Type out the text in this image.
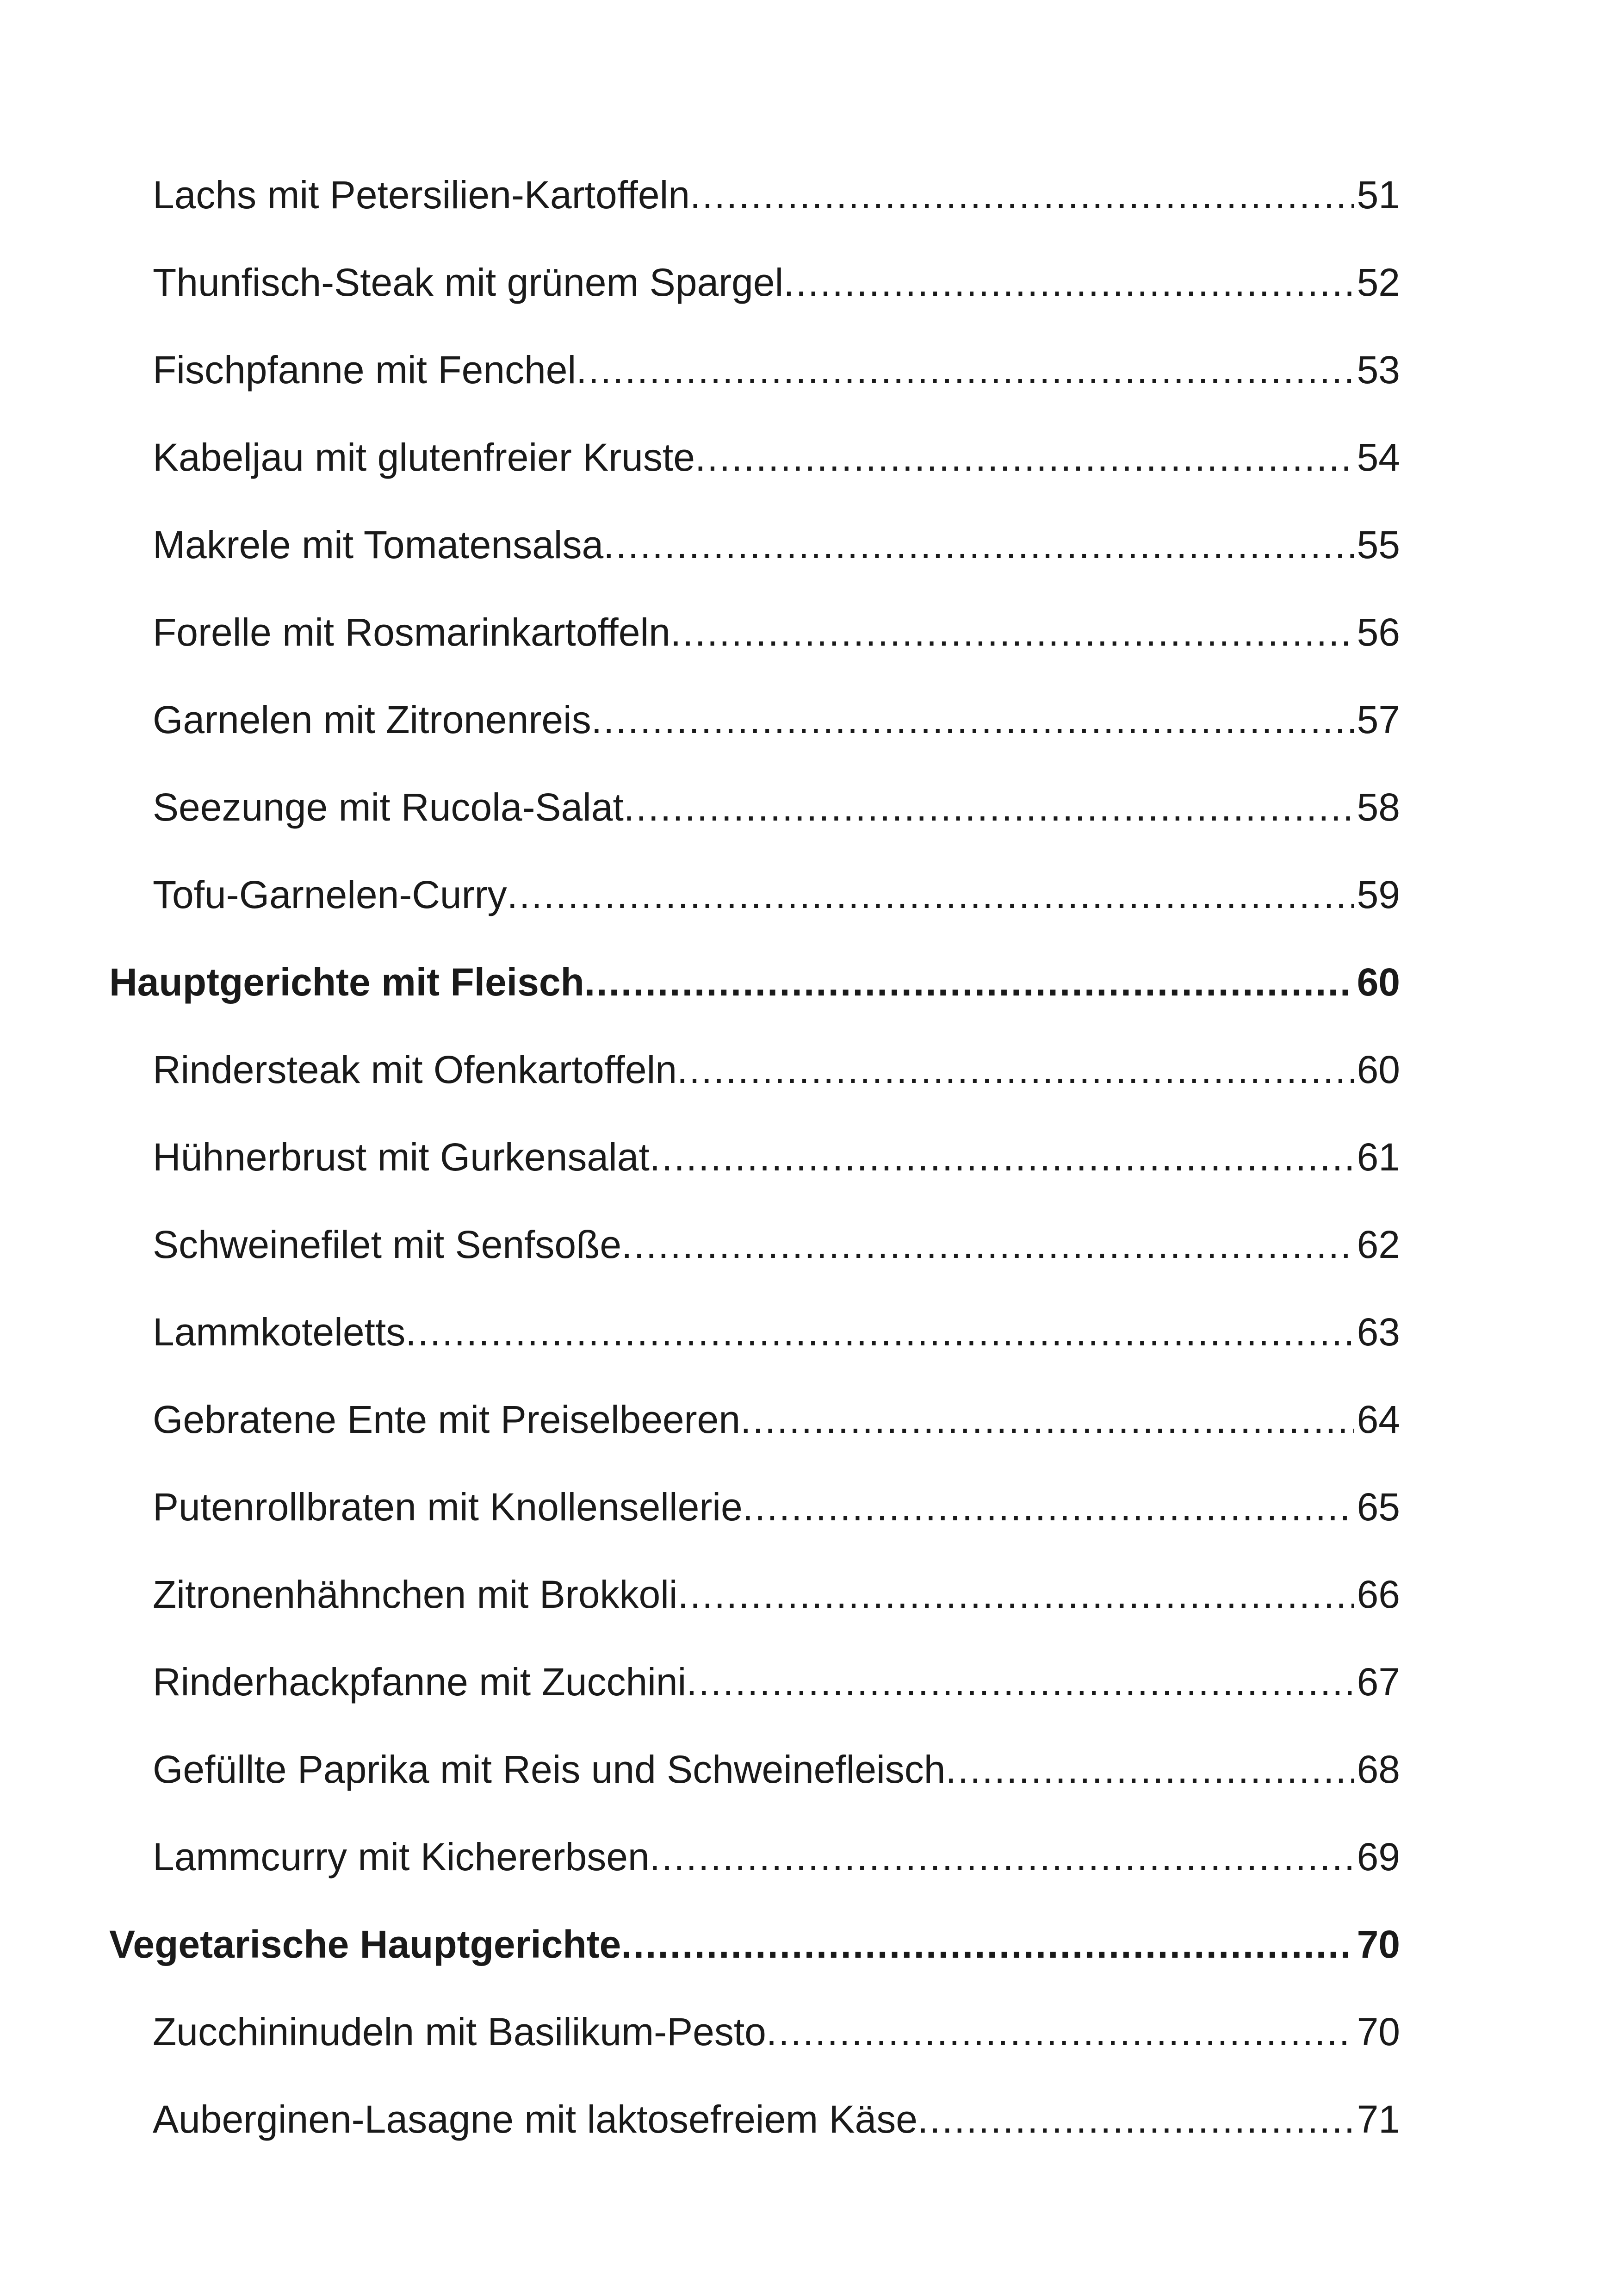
Lachs mit Petersilien-Kartoffeln .....	51
Thunfisch-Steak mit grünem Spargel .....	52
Fischpfanne mit Fenchel .....	53
Kabeljau mit glutenfreier Kruste .....	54
Makrele mit Tomatensalsa .....	55
Forelle mit Rosmarinkartoffeln .....	56
Garnelen mit Zitronenreis .....	57
Seezunge mit Rucola-Salat .....	58
Tofu-Garnelen-Curry .....	59
Hauptgerichte mit Fleisch .....	60
Rindersteak mit Ofenkartoffeln .....	60
Hühnerbrust mit Gurkensalat .....	61
Schweinefilet mit Senfsoße .....	62
Lammkoteletts .....	63
Gebratene Ente mit Preiselbeeren .....	64
Putenrollbraten mit Knollensellerie .....	65
Zitronenhähnchen mit Brokkoli .....	66
Rinderhackpfanne mit Zucchini .....	67
Gefüllte Paprika mit Reis und Schweinefleisch .....	68
Lammcurry mit Kichererbsen .....	69
Vegetarische Hauptgerichte .....	70
Zucchininudeln mit Basilikum-Pesto .....	70
Auberginen-Lasagne mit laktosefreiem Käse .....	71
